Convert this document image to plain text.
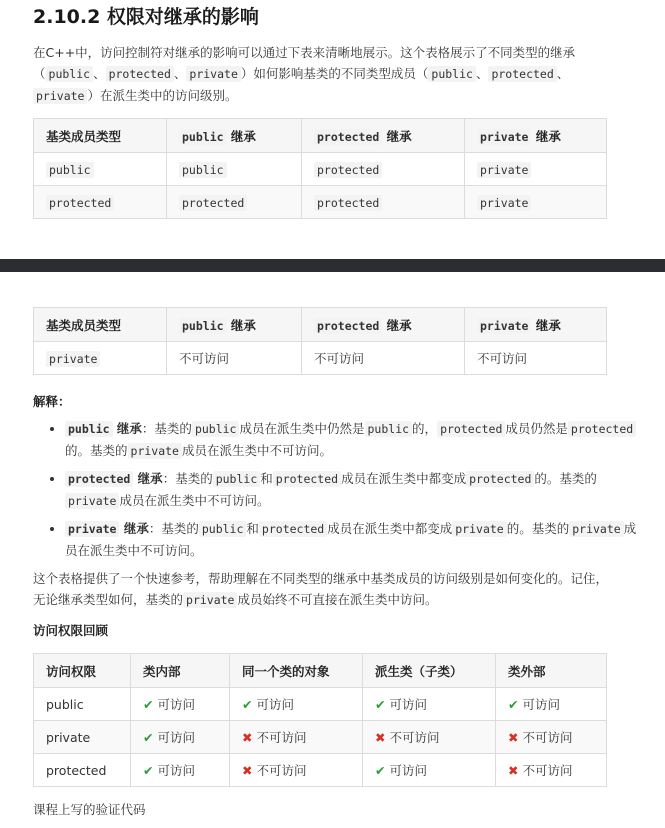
2.10.2 权限对继承的影响

在C++中，访问控制符对继承的影响可以通过下表来清晰地展示。这个表格展示了不同类型的继承（ public 、 protected 、 private ）如何影响基类的不同类型成员（ public 、 protected 、private ）在派生类中的访问级别。

基类成员类型	public 继承	protected 继承	private 继承
public	public	protected	private
protected	protected	protected	private
基类成员类型	public 继承	protected 继承	private 继承
private	不可访问	不可访问	不可访问

解释：

• public 继承：基类的 public 成员在派生类中仍然是 public 的， protected 成员仍然是 protected的。基类的 private 成员在派生类中不可访问。
• protected 继承：基类的 public 和 protected 成员在派生类中都变成 protected 的。基类的private 成员在派生类中不可访问。
• private 继承：基类的 public 和 protected 成员在派生类中都变成 private 的。基类的 private 成员在派生类中不可访问。

这个表格提供了一个快速参考，帮助理解在不同类型的继承中基类成员的访问级别是如何变化的。记住，无论继承类型如何，基类的 private 成员始终不可直接在派生类中访问。

访问权限回顾

访问权限	类内部	同一个类的对象	派生类（子类）	类外部
public	✔ 可访问	✔ 可访问	✔ 可访问	✔ 可访问
private	✔ 可访问	✖ 不可访问	✖ 不可访问	✖ 不可访问
protected	✔ 可访问	✖ 不可访问	✔ 可访问	✖ 不可访问

课程上写的验证代码
